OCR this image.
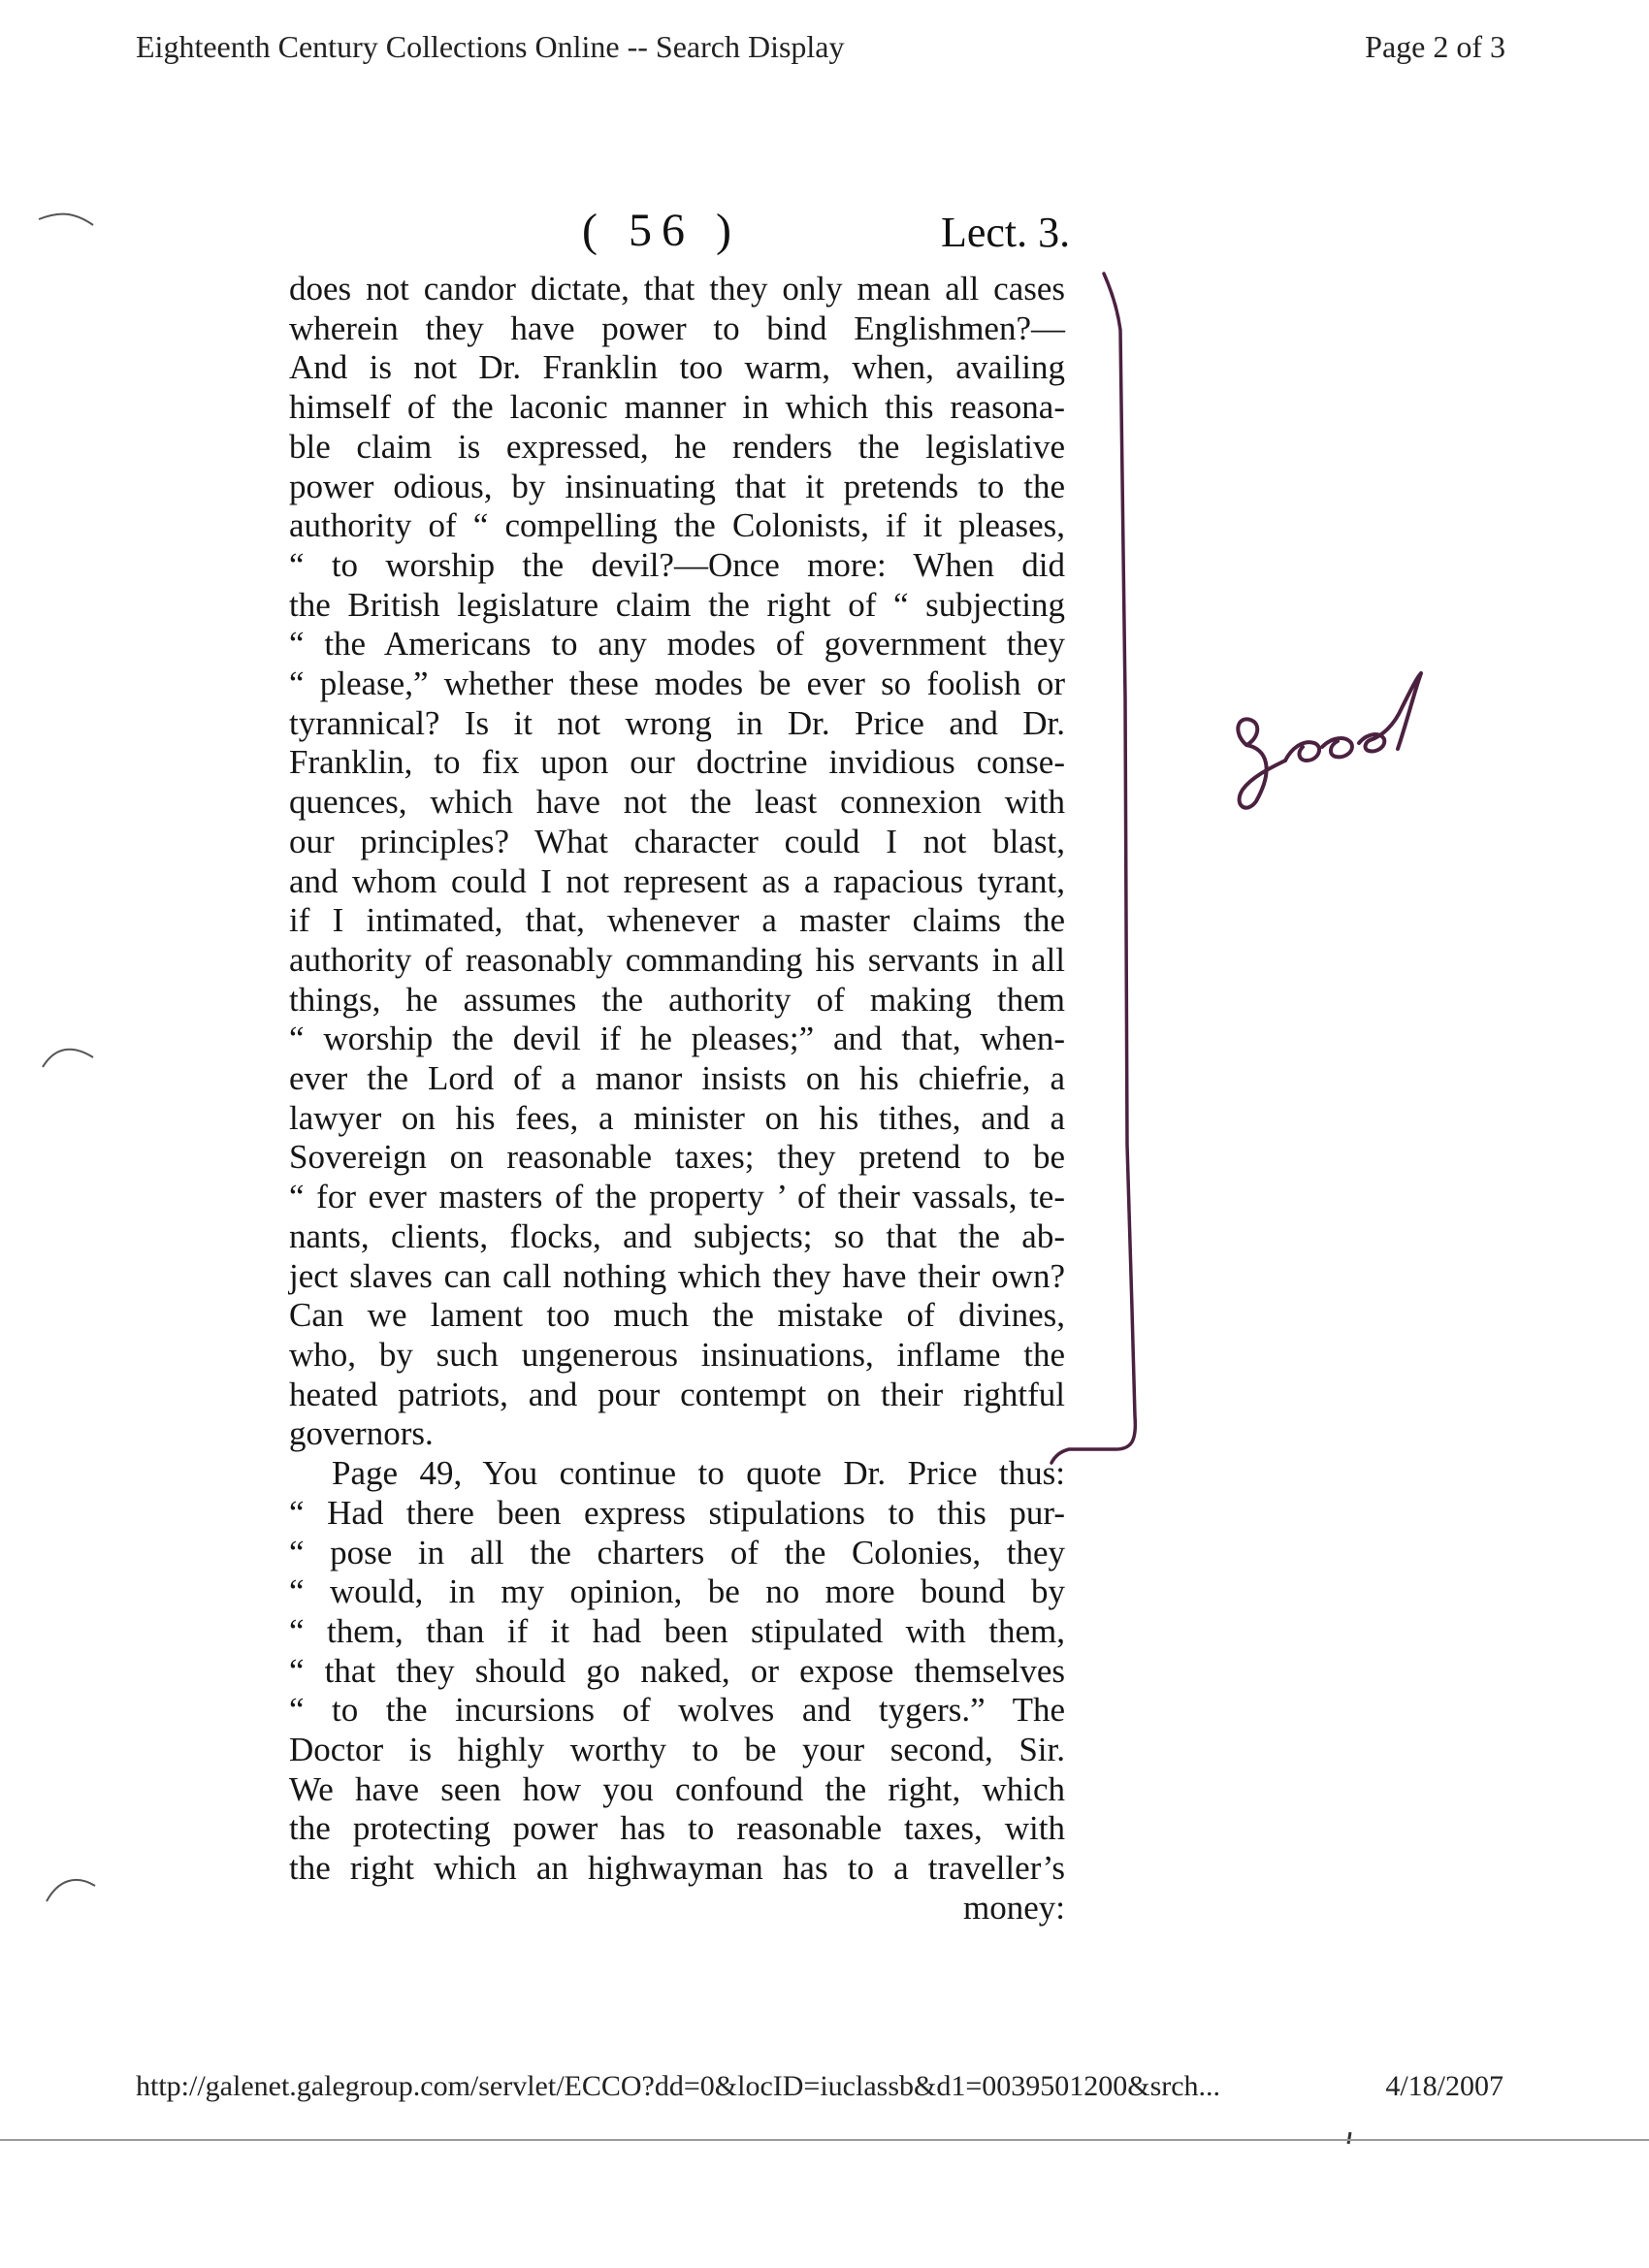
Eighteenth Century Collections Online -- Search Display	Page 2 of 3
( 56 )	Lect. 3.
does not candor dictate, that they only mean all cases
wherein they have power to bind Englishmen?—
And is not Dr. Franklin too warm, when, availing
himself of the laconic manner in which this reasona-
ble claim is expressed, he renders the legislative
power odious, by insinuating that it pretends to the
authority of “ compelling the Colonists, if it pleases,
“ to worship the devil?—Once more: When did
the British legislature claim the right of “ subjecting
“ the Americans to any modes of government they
“ please,” whether these modes be ever so foolish or
tyrannical? Is it not wrong in Dr. Price and Dr.
Franklin, to fix upon our doctrine invidious conse-
quences, which have not the least connexion with
our principles? What character could I not blast,
and whom could I not represent as a rapacious tyrant,
if I intimated, that, whenever a master claims the
authority of reasonably commanding his servants in all
things, he assumes the authority of making them
“ worship the devil if he pleases;” and that, when-
ever the Lord of a manor insists on his chiefrie, a
lawyer on his fees, a minister on his tithes, and a
Sovereign on reasonable taxes; they pretend to be
“ for ever masters of the property ’ of their vassals, te-
nants, clients, flocks, and subjects; so that the ab-
ject slaves can call nothing which they have their own?
Can we lament too much the mistake of divines,
who, by such ungenerous insinuations, inflame the
heated patriots, and pour contempt on their rightful
governors.
Page 49, You continue to quote Dr. Price thus:
“ Had there been express stipulations to this pur-
“ pose in all the charters of the Colonies, they
“ would, in my opinion, be no more bound by
“ them, than if it had been stipulated with them,
“ that they should go naked, or expose themselves
“ to the incursions of wolves and tygers.” The
Doctor is highly worthy to be your second, Sir.
We have seen how you confound the right, which
the protecting power has to reasonable taxes, with
the right which an highwayman has to a traveller’s
money:
http://galenet.galegroup.com/servlet/ECCO?dd=0&locID=iuclassb&d1=0039501200&srch...	4/18/2007
